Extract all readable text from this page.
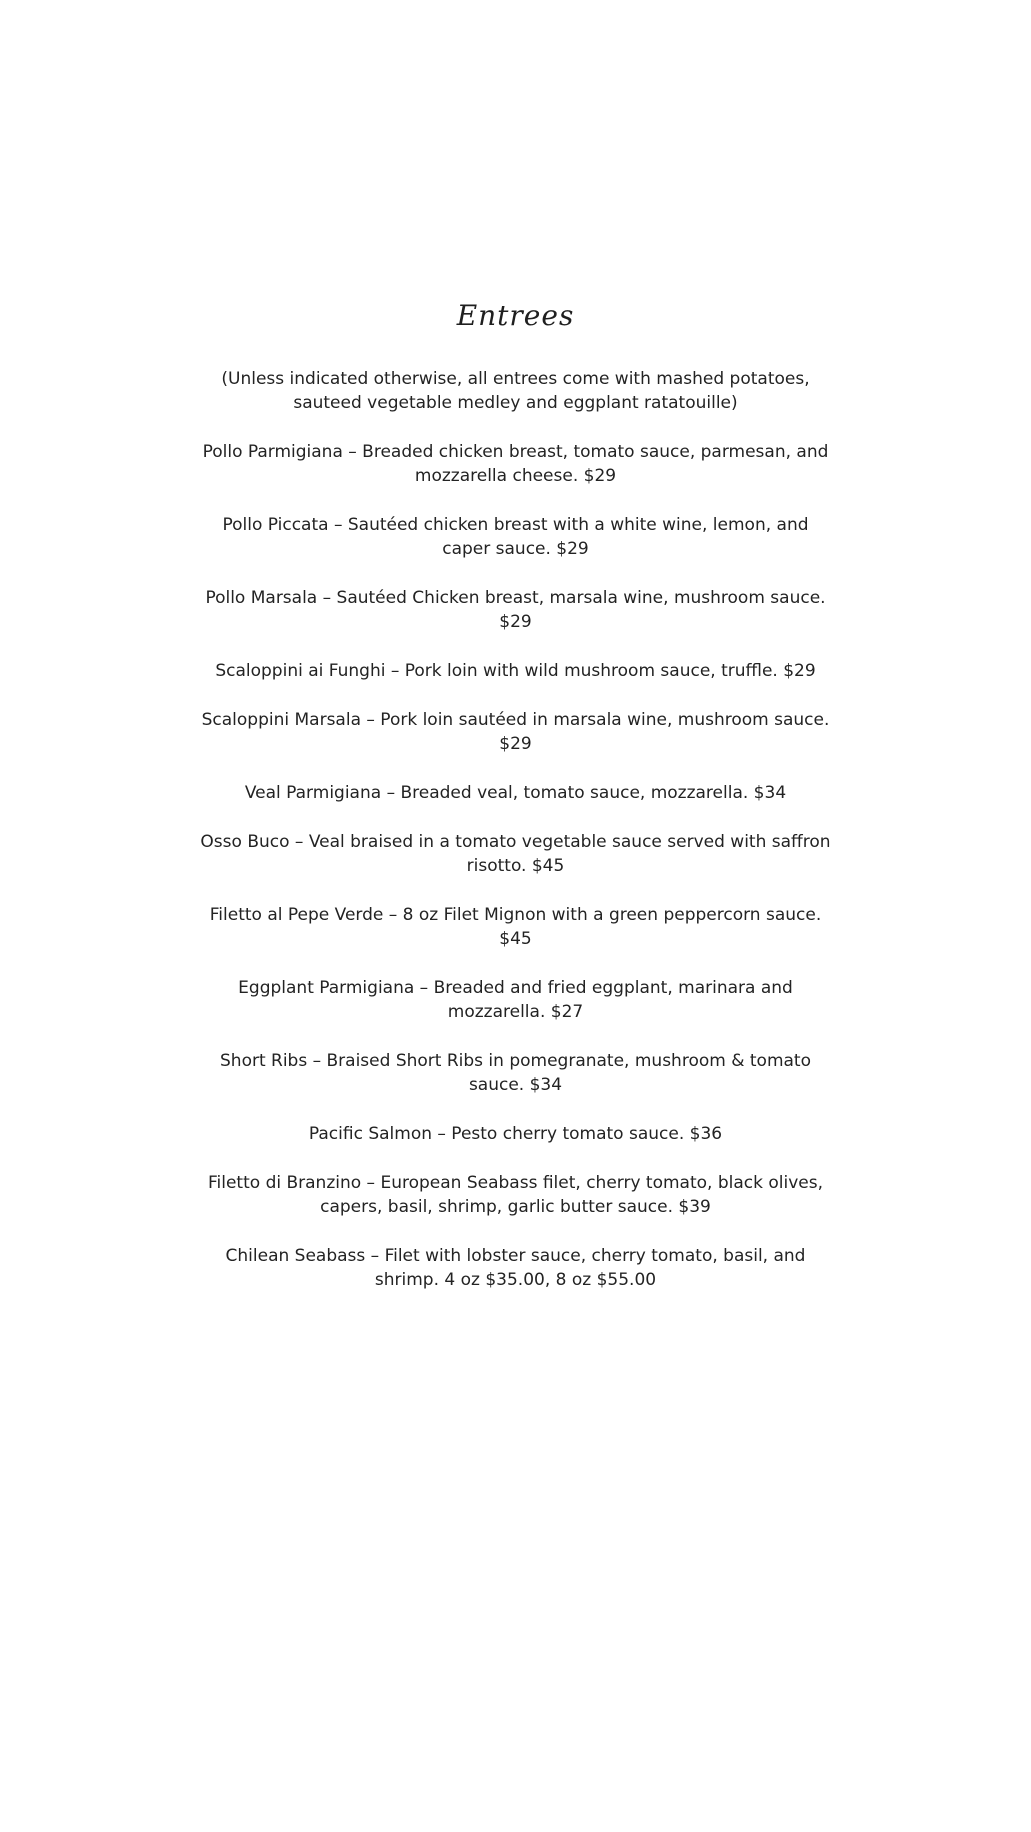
Entrees
(Unless indicated otherwise, all entrees come with mashed potatoes, sauteed vegetable medley and eggplant ratatouille)
Pollo Parmigiana – Breaded chicken breast, tomato sauce, parmesan, and mozzarella cheese. $29
Pollo Piccata – Sautéed chicken breast with a white wine, lemon, and caper sauce. $29
Pollo Marsala – Sautéed Chicken breast, marsala wine, mushroom sauce. $29
Scaloppini ai Funghi – Pork loin with wild mushroom sauce, truffle. $29
Scaloppini Marsala – Pork loin sautéed in marsala wine, mushroom sauce. $29
Veal Parmigiana – Breaded veal, tomato sauce, mozzarella. $34
Osso Buco – Veal braised in a tomato vegetable sauce served with saffron risotto. $45
Filetto al Pepe Verde – 8 oz Filet Mignon with a green peppercorn sauce. $45
Eggplant Parmigiana – Breaded and fried eggplant, marinara and mozzarella. $27
Short Ribs – Braised Short Ribs in pomegranate, mushroom & tomato sauce. $34
Pacific Salmon – Pesto cherry tomato sauce. $36
Filetto di Branzino – European Seabass filet, cherry tomato, black olives, capers, basil, shrimp, garlic butter sauce. $39
Chilean Seabass – Filet with lobster sauce, cherry tomato, basil, and shrimp. 4 oz $35.00, 8 oz $55.00
